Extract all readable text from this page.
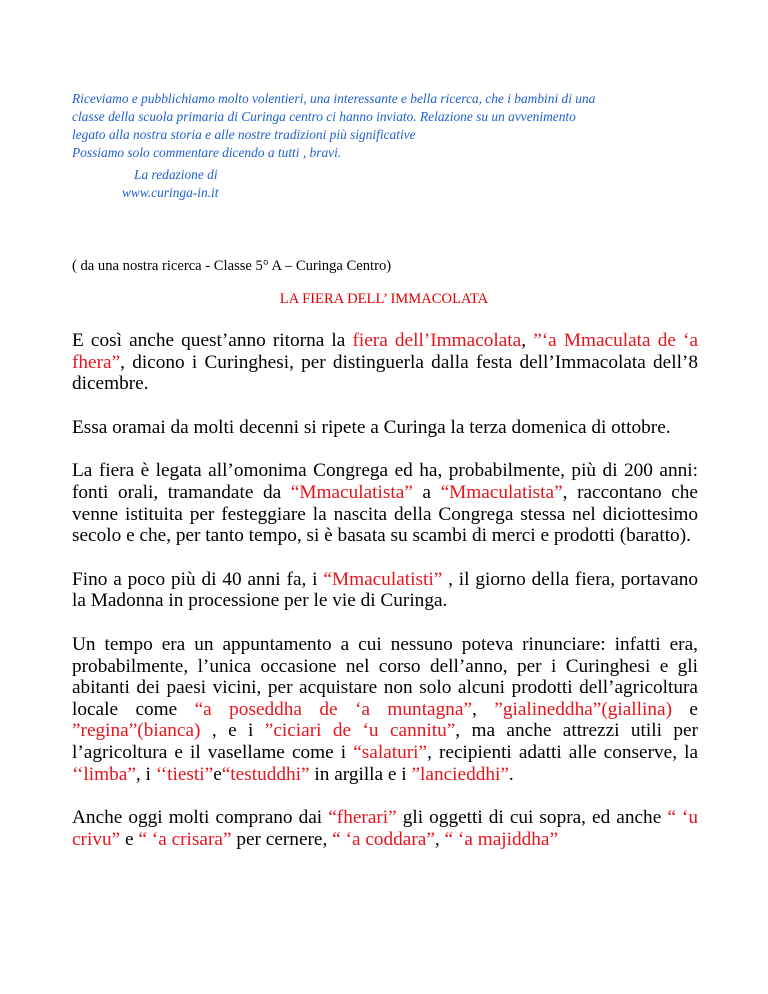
Riceviamo e pubblichiamo molto volentieri, una interessante e bella ricerca, che i bambini di una
classe della scuola primaria di Curinga centro ci hanno inviato. Relazione su un avvenimento
legato alla nostra storia e alle nostre tradizioni più significative
Possiamo solo commentare dicendo a tutti , bravi.
La redazione di
www.curinga-in.it
( da una nostra ricerca - Classe 5° A – Curinga Centro)
LA FIERA DELL’ IMMACOLATA

E così anche quest’anno ritorna la fiera dell’Immacolata, ”‘a Mmaculata de ‘a fhera”, dicono i Curinghesi, per distinguerla dalla festa dell’Immacolata dell’8 dicembre.

Essa oramai da molti decenni si ripete a Curinga la terza domenica di ottobre.

La fiera è legata all’omonima Congrega ed ha, probabilmente, più di 200 anni: fonti orali, tramandate da “Mmaculatista” a “Mmaculatista”, raccontano che venne istituita per festeggiare la nascita della Congrega stessa nel diciottesimo secolo e che, per tanto tempo, si è basata su scambi di merci e prodotti (baratto).

Fino a poco più di 40 anni fa, i “Mmaculatisti” , il giorno della fiera, portavano la Madonna in processione per le vie di Curinga.

Un tempo era un appuntamento a cui nessuno poteva rinunciare: infatti era, probabilmente, l’unica occasione nel corso dell’anno, per i Curinghesi e gli abitanti dei paesi vicini, per acquistare non solo alcuni prodotti dell’agricoltura locale come “a poseddha de ‘a muntagna”, ”gialineddha”(giallina) e ”regina”(bianca) , e i ”ciciari de ‘u cannitu”, ma anche attrezzi utili per l’agricoltura e il vasellame come i “salaturi”, recipienti adatti alle conserve, la ‘‘limba”, i ‘‘tiesti”e“testuddhi” in argilla e i ”lancieddhi”.

Anche oggi molti comprano dai “fherari” gli oggetti di cui sopra, ed anche “ ‘u crivu” e “ ‘a crisara” per cernere, “ ‘a coddara”, “ ‘a majiddha”
